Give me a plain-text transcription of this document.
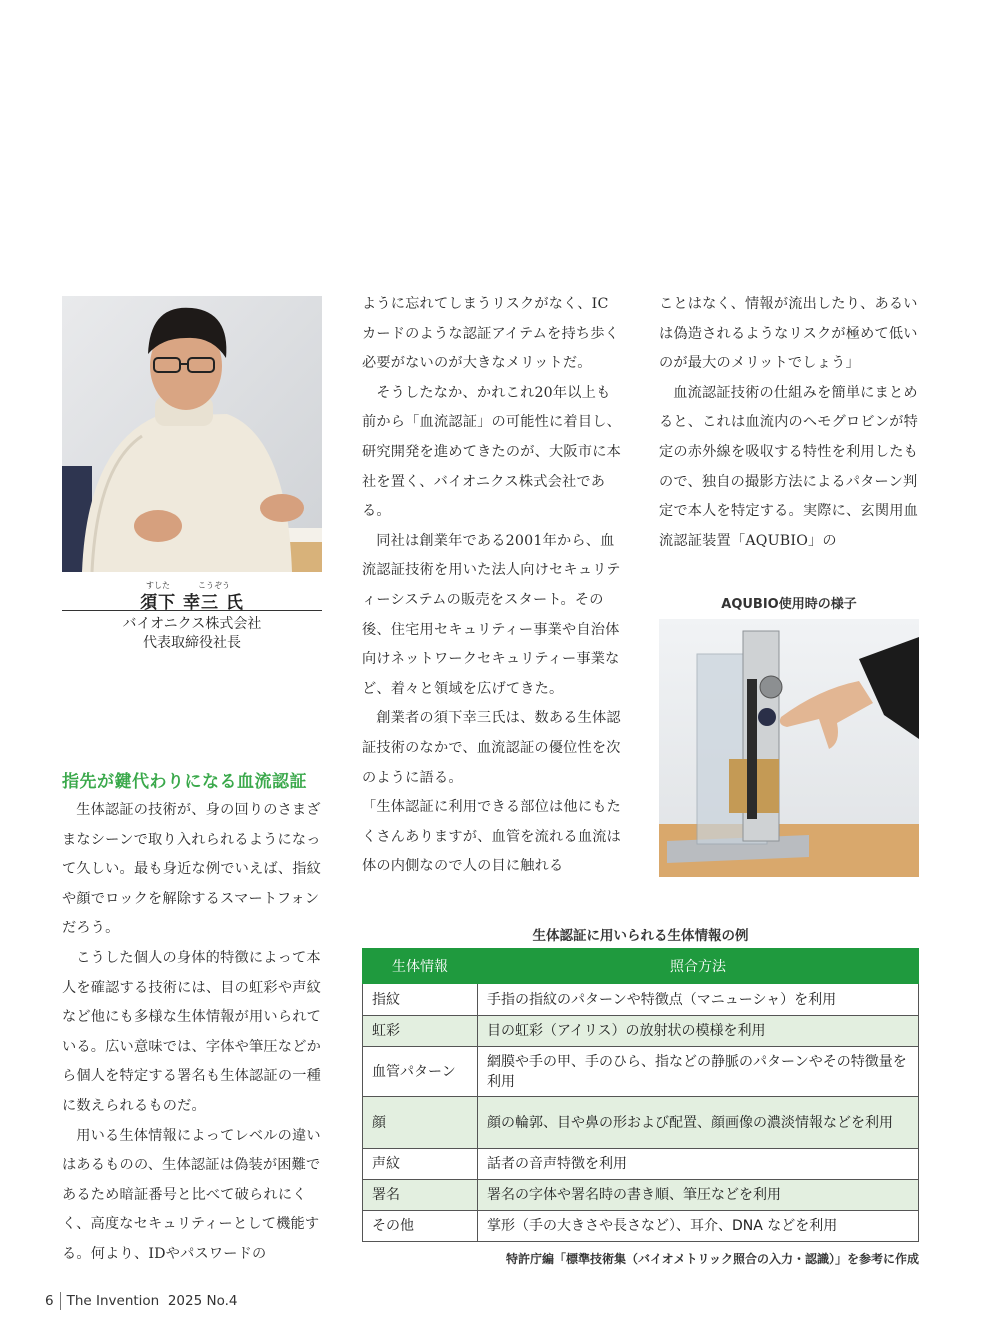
すした	こうぞう
須下 幸三 氏
バイオニクス株式会社
代表取締役社長
指先が鍵代わりになる血流認証

生体認証の技術が、身の回りのさまざまなシーンで取り入れられるようになって久しい。最も身近な例でいえば、指紋や顔でロックを解除するスマートフォンだろう。

こうした個人の身体的特徴によって本人を確認する技術には、目の虹彩や声紋など他にも多様な生体情報が用いられている。広い意味では、字体や筆圧などから個人を特定する署名も生体認証の一種に数えられるものだ。

用いる生体情報によってレベルの違いはあるものの、生体認証は偽装が困難であるため暗証番号と比べて破られにくく、高度なセキュリティーとして機能する。何より、IDやパスワードの

ように忘れてしまうリスクがなく、ICカードのような認証アイテムを持ち歩く必要がないのが大きなメリットだ。

そうしたなか、かれこれ20年以上も前から「血流認証」の可能性に着目し、研究開発を進めてきたのが、大阪市に本社を置く、バイオニクス株式会社である。

同社は創業年である2001年から、血流認証技術を用いた法人向けセキュリティーシステムの販売をスタート。その後、住宅用セキュリティー事業や自治体向けネットワークセキュリティー事業など、着々と領域を広げてきた。

創業者の須下幸三氏は、数ある生体認証技術のなかで、血流認証の優位性を次のように語る。

「生体認証に利用できる部位は他にもたくさんありますが、血管を流れる血流は体の内側なので人の目に触れる

ことはなく、情報が流出したり、あるいは偽造されるようなリスクが極めて低いのが最大のメリットでしょう」

血流認証技術の仕組みを簡単にまとめると、これは血流内のヘモグロビンが特定の赤外線を吸収する特性を利用したもので、独自の撮影方法によるパターン判定で本人を特定する。実際に、玄関用血流認証装置「AQUBIO」の

AQUBIO使用時の様子
生体認証に用いられる生体情報の例
生体情報	照合方法
指紋	手指の指紋のパターンや特徴点（マニューシャ）を利用
虹彩	目の虹彩（アイリス）の放射状の模様を利用
血管パターン	網膜や手の甲、手のひら、指などの静脈のパターンやその特徴量を利用
顔	顔の輪郭、目や鼻の形および配置、顔画像の濃淡情報などを利用
声紋	話者の音声特徴を利用
署名	署名の字体や署名時の書き順、筆圧などを利用
その他	掌形（手の大きさや長さなど）、耳介、DNA などを利用
特許庁編「標準技術集（バイオメトリック照合の入力・認識）」を参考に作成
6 The Invention  2025 No.4
